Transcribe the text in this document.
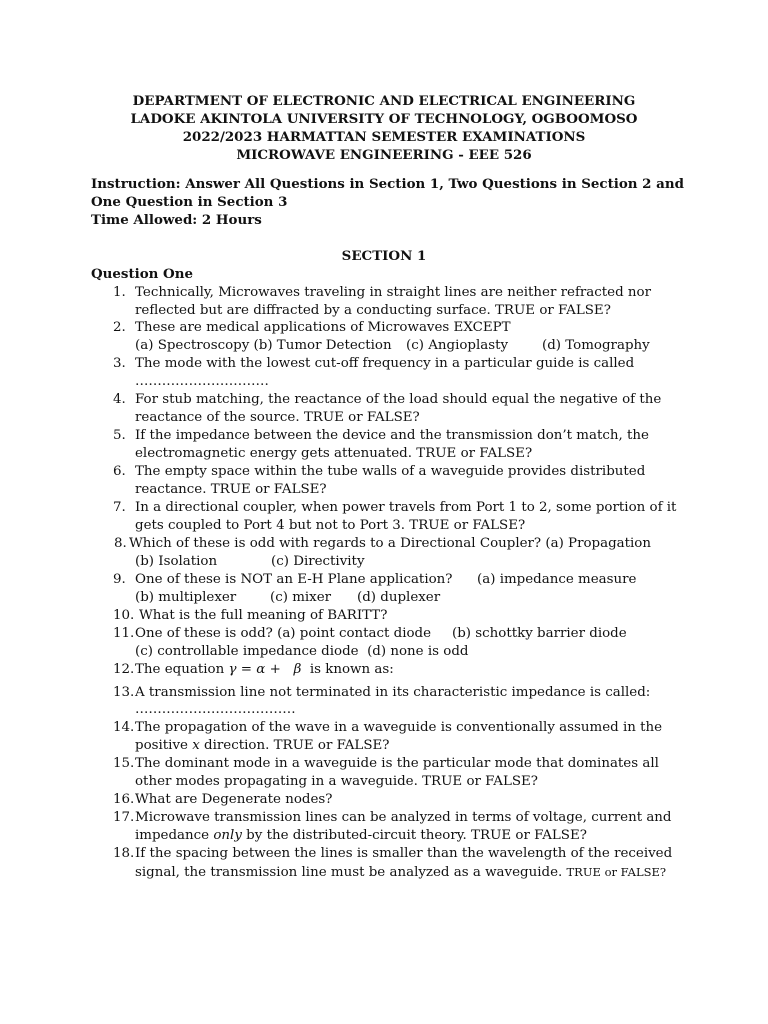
DEPARTMENT OF ELECTRONIC AND ELECTRICAL ENGINEERING
LADOKE AKINTOLA UNIVERSITY OF TECHNOLOGY, OGBOOMOSO
2022/2023 HARMATTAN SEMESTER EXAMINATIONS
MICROWAVE ENGINEERING - EEE 526
Instruction: Answer All Questions in Section 1, Two Questions in Section 2 and
One Question in Section 3
Time Allowed: 2 Hours
SECTION 1
Question One
1. Technically, Microwaves traveling in straight lines are neither refracted nor
reflected but are diffracted by a conducting surface. TRUE or FALSE?
2. These are medical applications of Microwaves EXCEPT
(a) Spectroscopy (b) Tumor Detection (c) Angioplasty	(d) Tomography
3. The mode with the lowest cut-off frequency in a particular guide is called
…………………………
4. For stub matching, the reactance of the load should equal the negative of the
reactance of the source. TRUE or FALSE?
5. If the impedance between the device and the transmission don’t match, the
electromagnetic energy gets attenuated. TRUE or FALSE?
6. The empty space within the tube walls of a waveguide provides distributed
reactance. TRUE or FALSE?
7. In a directional coupler, when power travels from Port 1 to 2, some portion of it
gets coupled to Port 4 but not to Port 3. TRUE or FALSE?
8. Which of these is odd with regards to a Directional Coupler? (a) Propagation
(b) Isolation	(c) Directivity
9. One of these is NOT an E-H Plane application? (a) impedance measure
(b) multiplexer	(c) mixer (d) duplexer
10. What is the full meaning of BARITT?
11. One of these is odd? (a) point contact diode (b) schottky barrier diode
(c) controllable impedance diode  (d) none is odd
12. The equation γ = α + β is known as:
13. A transmission line not terminated in its characteristic impedance is called:
………………………………
14. The propagation of the wave in a waveguide is conventionally assumed in the
positive x direction. TRUE or FALSE?
15. The dominant mode in a waveguide is the particular mode that dominates all
other modes propagating in a waveguide. TRUE or FALSE?
16. What are Degenerate nodes?
17. Microwave transmission lines can be analyzed in terms of voltage, current and
impedance only by the distributed-circuit theory. TRUE or FALSE?
18. If the spacing between the lines is smaller than the wavelength of the received
signal, the transmission line must be analyzed as a waveguide. TRUE or FALSE?
